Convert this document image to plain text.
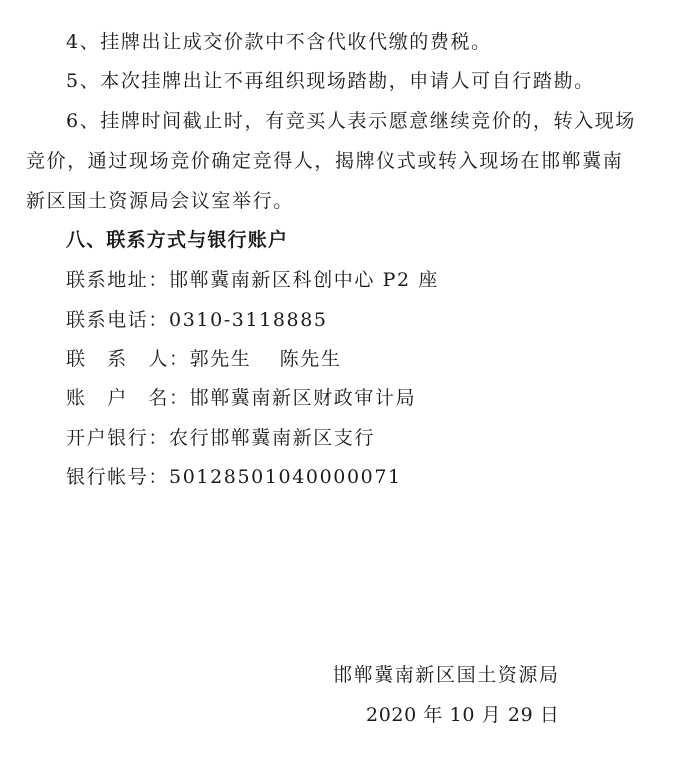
4、挂牌出让成交价款中不含代收代缴的费税。
5、本次挂牌出让不再组织现场踏勘，申请人可自行踏勘。
6、挂牌时间截止时，有竞买人表示愿意继续竞价的，转入现场
竞价，通过现场竞价确定竞得人，揭牌仪式或转入现场在邯郸冀南
新区国土资源局会议室举行。
八、联系方式与银行账户
联系地址：邯郸冀南新区科创中心 P2 座
联系电话：0310-3118885
联　系　人：郭先生　 陈先生
账　户　名：邯郸冀南新区财政审计局
开户银行：农行邯郸冀南新区支行
银行帐号：50128501040000071
邯郸冀南新区国土资源局
2020 年 10 月 29 日
